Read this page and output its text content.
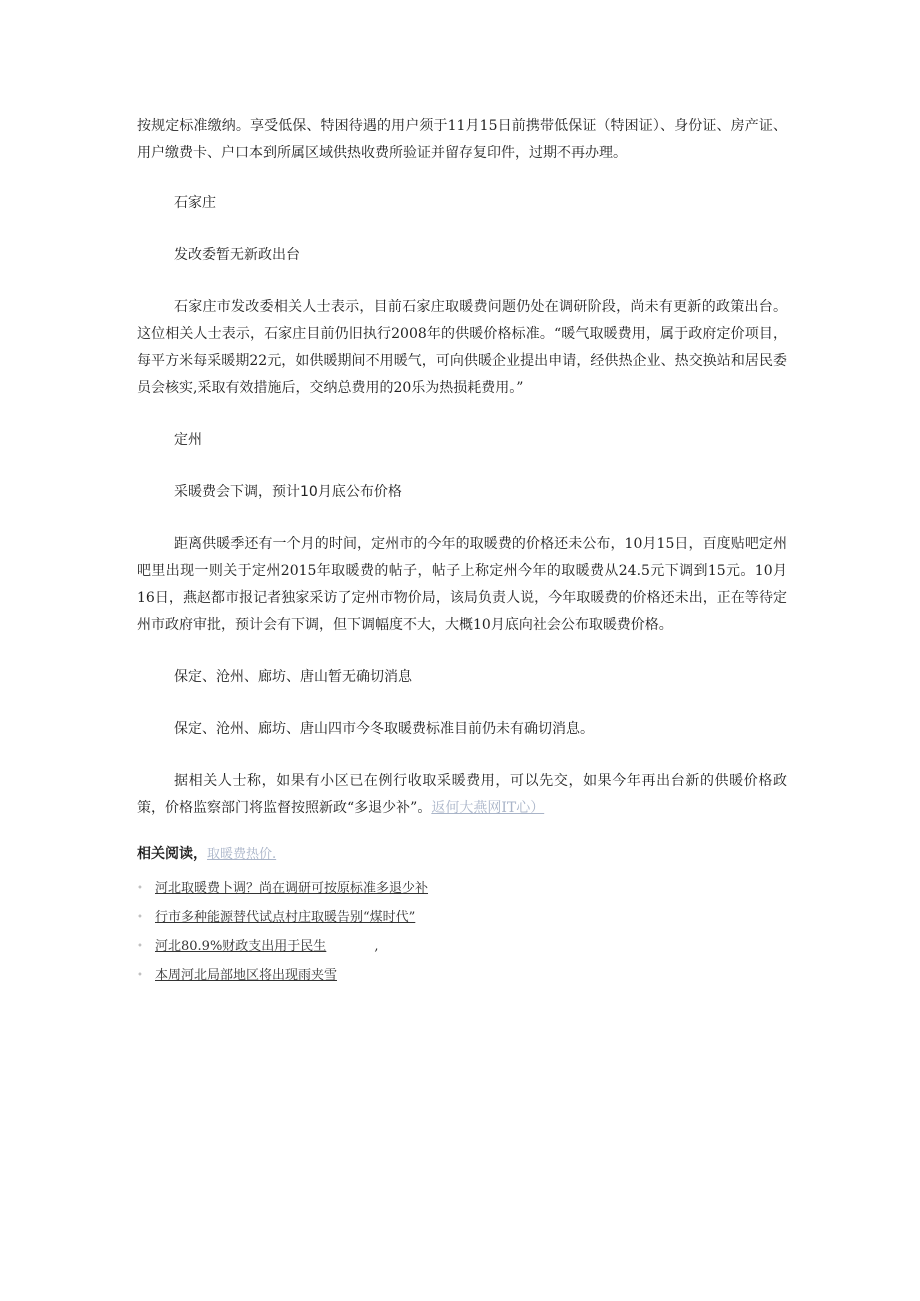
按规定标准缴纳。享受低保、特困待遇的用户须于11月15日前携带低保证（特困证）、身份证、房产证、用户缴费卡、户口本到所属区域供热收费所验证并留存复印件，过期不再办理。

石家庄
发改委暂无新政出台

石家庄市发改委相关人士表示，目前石家庄取暖费问题仍处在调研阶段，尚未有更新的政策出台。这位相关人士表示，石家庄目前仍旧执行2008年的供暖价格标准。“暖气取暖费用，属于政府定价项目，每平方米每采暖期22元，如供暖期间不用暖气，可向供暖企业提出申请，经供热企业、热交换站和居民委员会核实,采取有效措施后，交纳总费用的20乐为热损耗费用。”

定州
采暖费会下调，预计10月底公布价格

距离供暖季还有一个月的时间，定州市的今年的取暖费的价格还未公布，10月15日，百度贴吧定州吧里出现一则关于定州2015年取暖费的帖子，帖子上称定州今年的取暖费从24.5元下调到15元。10月16日，燕赵都市报记者独家采访了定州市物价局，该局负责人说，今年取暖费的价格还未出，正在等待定州市政府审批，预计会有下调，但下调幅度不大，大概10月底向社会公布取暖费价格。

保定、沧州、廊坊、唐山暂无确切消息

保定、沧州、廊坊、唐山四市今冬取暖费标准目前仍未有确切消息。

据相关人士称，如果有小区已在例行收取采暖费用，可以先交，如果今年再出台新的供暖价格政策，价格监察部门将监督按照新政“多退少补”。返何大燕网IT心）

相关阅读，取暖费热价.
• 河北取暖费卜调？尚在调研可按原标准多退少补
• 行市多种能源替代试点村庄取暖告别“煤时代”
• 河北80.9%财政支出用于民生	,
• 本周河北局部地区将出现雨夹雪
